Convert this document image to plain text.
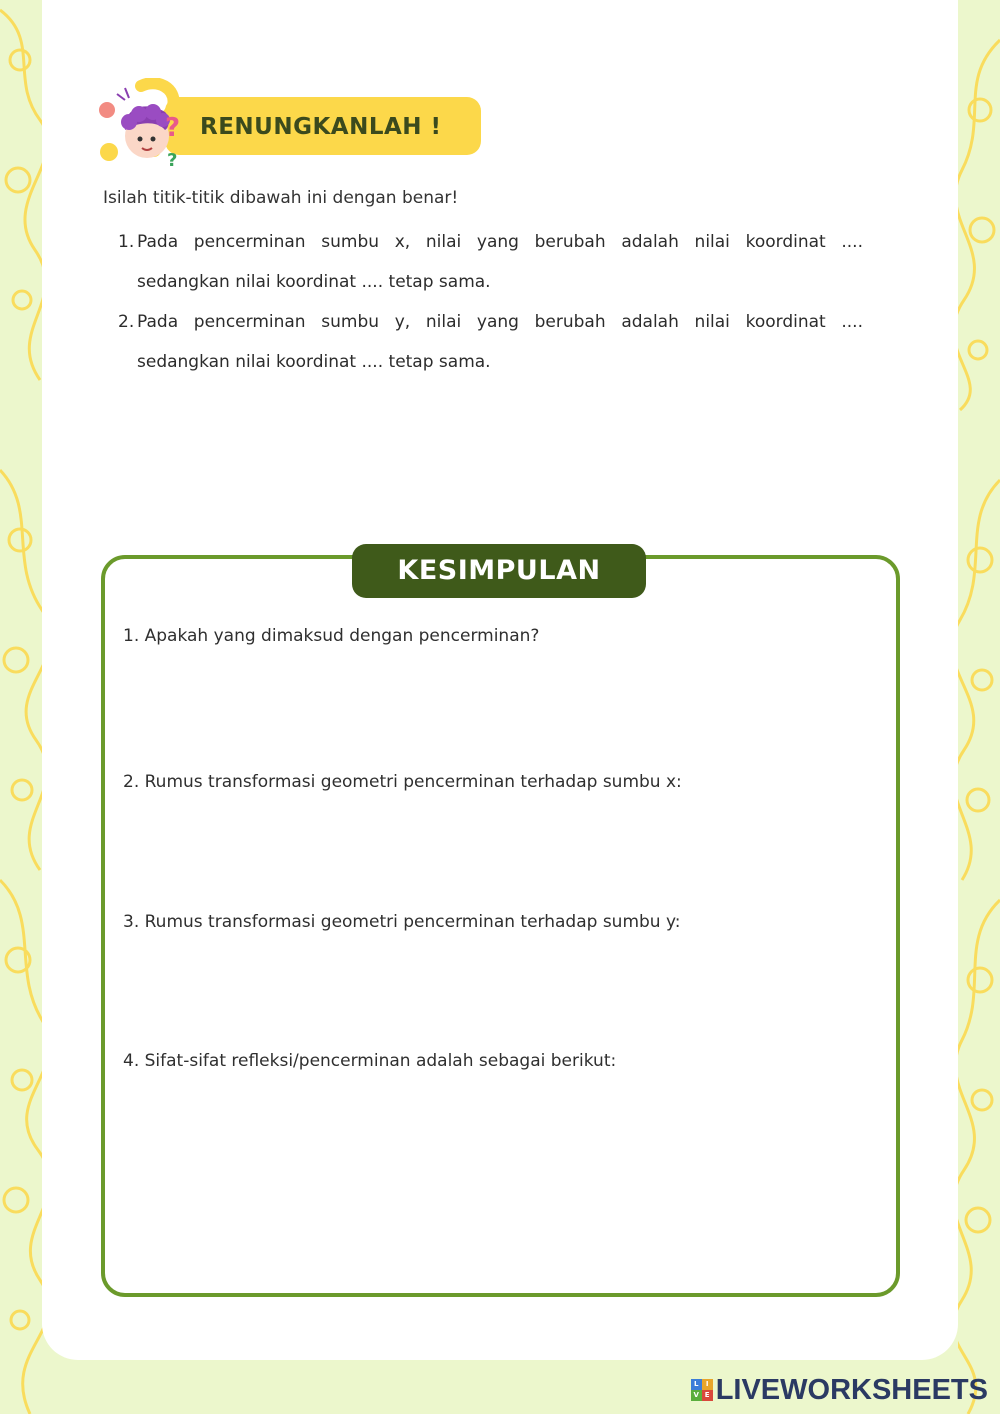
RENUNGKANLAH !
?
?
Isilah titik-titik dibawah ini dengan benar!
1. Pada pencerminan sumbu x, nilai yang berubah adalah nilai koordinat ....
sedangkan nilai koordinat .... tetap sama.
2. Pada pencerminan sumbu y, nilai yang berubah adalah nilai koordinat ....
sedangkan nilai koordinat .... tetap sama.
KESIMPULAN
1. Apakah yang dimaksud dengan pencerminan?
2. Rumus transformasi geometri pencerminan terhadap sumbu x:
3. Rumus transformasi geometri pencerminan terhadap sumbu y:
4. Sifat-sifat refleksi/pencerminan adalah sebagai berikut:
L	I
V E LIVEWORKSHEETS
